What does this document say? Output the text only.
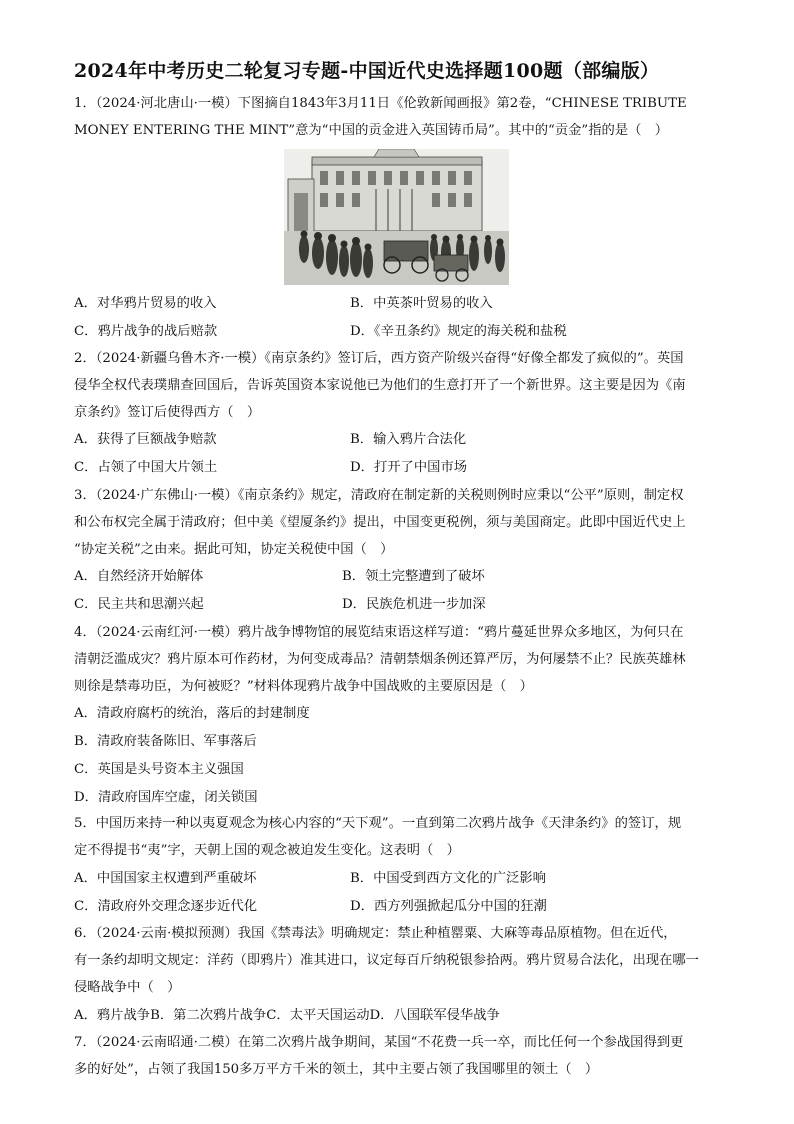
2024年中考历史二轮复习专题-中国近代史选择题100题（部编版）
1．（2024·河北唐山·一模）下图摘自1843年3月11日《伦敦新闻画报》第2卷，“CHINESE TRIBUTE
MONEY ENTERING THE MINT”意为“中国的贡金进入英国铸币局”。其中的“贡金”指的是（　）
A．对华鸦片贸易的收入	B．中英茶叶贸易的收入
C．鸦片战争的战后赔款	D．《辛丑条约》规定的海关税和盐税
2．（2024·新疆乌鲁木齐·一模）《南京条约》签订后，西方资产阶级兴奋得“好像全都发了疯似的”。英国
侵华全权代表璞鼎查回国后，告诉英国资本家说他已为他们的生意打开了一个新世界。这主要是因为《南
京条约》签订后使得西方（　）
A．获得了巨额战争赔款	B．输入鸦片合法化
C．占领了中国大片领土	D．打开了中国市场
3．（2024·广东佛山·一模）《南京条约》规定，清政府在制定新的关税则例时应秉以“公平”原则，制定权
和公布权完全属于清政府；但中美《望厦条约》提出，中国变更税例，须与美国商定。此即中国近代史上
“协定关税”之由来。据此可知，协定关税使中国（　）
A．自然经济开始解体	B．领土完整遭到了破坏
C．民主共和思潮兴起	D．民族危机进一步加深
4．（2024·云南红河·一模）鸦片战争博物馆的展览结束语这样写道：“鸦片蔓延世界众多地区，为何只在
清朝泛滥成灾？鸦片原本可作药材，为何变成毒品？清朝禁烟条例还算严厉，为何屡禁不止？民族英雄林
则徐是禁毒功臣，为何被贬？”材料体现鸦片战争中国战败的主要原因是（　）
A．清政府腐朽的统治，落后的封建制度
B．清政府装备陈旧、军事落后
C．英国是头号资本主义强国
D．清政府国库空虚，闭关锁国
5．中国历来持一种以夷夏观念为核心内容的“天下观”。一直到第二次鸦片战争《天津条约》的签订，规
定不得提书“夷”字，天朝上国的观念被迫发生变化。这表明（　）
A．中国国家主权遭到严重破坏	B．中国受到西方文化的广泛影响
C．清政府外交理念逐步近代化	D．西方列强掀起瓜分中国的狂潮
6．（2024·云南·模拟预测）我国《禁毒法》明确规定：禁止种植罂粟、大麻等毒品原植物。但在近代，
有一条约却明文规定：洋药（即鸦片）准其进口，议定每百斤纳税银参拾两。鸦片贸易合法化，出现在哪一
侵略战争中（　）
A．鸦片战争B．第二次鸦片战争C．太平天国运动D．八国联军侵华战争
7．（2024·云南昭通·二模）在第二次鸦片战争期间，某国“不花费一兵一卒，而比任何一个参战国得到更
多的好处”，占领了我国150多万平方千米的领土，其中主要占领了我国哪里的领土（　）
